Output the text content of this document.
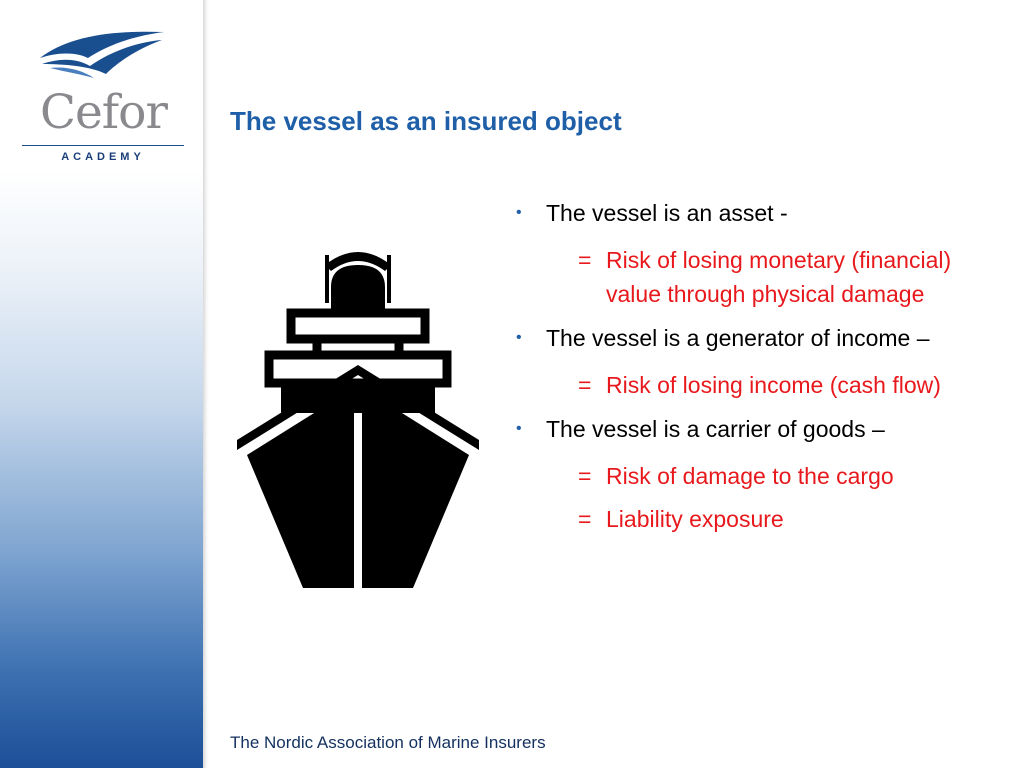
Cefor
ACADEMY
The vessel as an insured object
• The vessel is an asset -
= Risk of losing monetary (financial) value through physical damage
• The vessel is a generator of income –
= Risk of losing income (cash flow)
• The vessel is a carrier of goods –
= Risk of damage to the cargo
= Liability exposure
The Nordic Association of Marine Insurers
